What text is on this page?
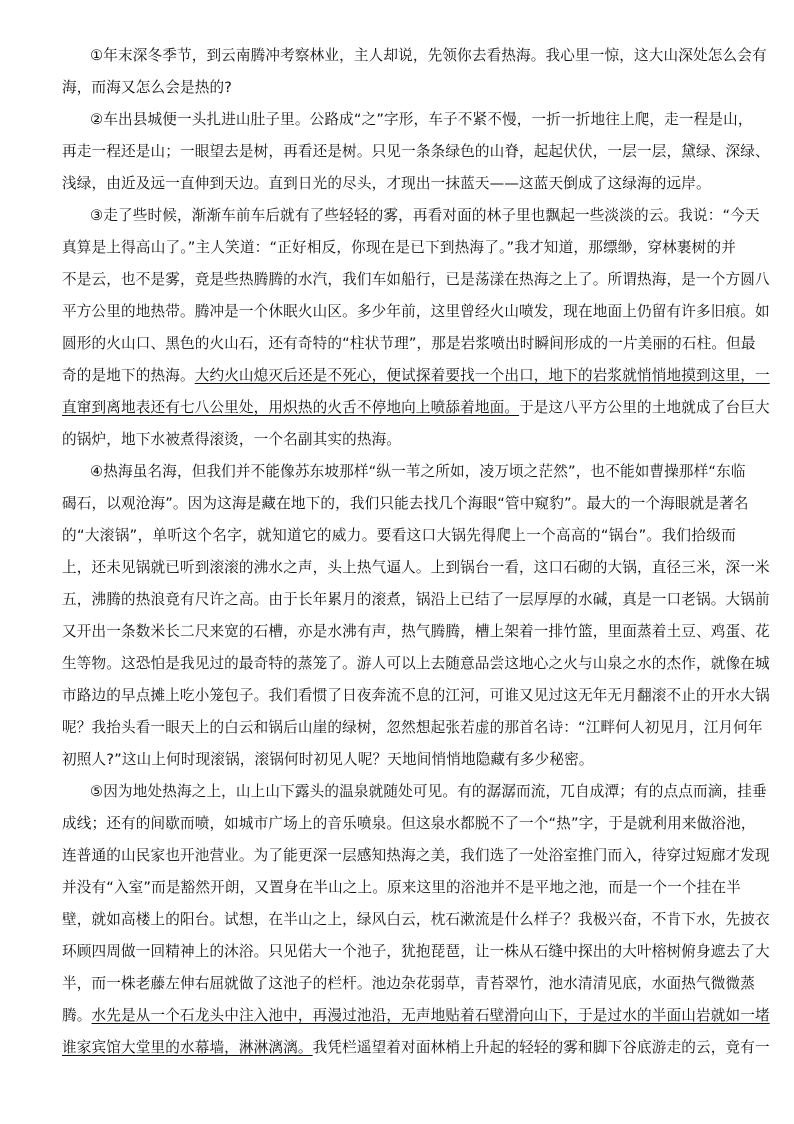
①年末深冬季节，到云南腾冲考察林业，主人却说，先领你去看热海。我心里一惊，这大山深处怎么会有
海，而海又怎么会是热的?
②车出县城便一头扎进山肚子里。公路成“之”字形，车子不紧不慢，一折一折地往上爬，走一程是山，
再走一程还是山；一眼望去是树，再看还是树。只见一条条绿色的山脊，起起伏伏，一层一层，黛绿、深绿、
浅绿，由近及远一直伸到天边。直到日光的尽头，才现出一抹蓝天——这蓝天倒成了这绿海的远岸。
③走了些时候，渐渐车前车后就有了些轻轻的雾，再看对面的林子里也飘起一些淡淡的云。我说：“今天
真算是上得高山了。”主人笑道：“正好相反，你现在是已下到热海了。”我才知道，那缥缈，穿林裹树的并
不是云，也不是雾，竟是些热腾腾的水汽，我们车如船行，已是荡漾在热海之上了。所谓热海，是一个方圆八
平方公里的地热带。腾冲是一个休眠火山区。多少年前，这里曾经火山喷发，现在地面上仍留有许多旧痕。如
圆形的火山口、黑色的火山石，还有奇特的“柱状节理”，那是岩浆喷出时瞬间形成的一片美丽的石柱。但最
奇的是地下的热海。大约火山熄灭后还是不死心，便试探着要找一个出口，地下的岩浆就悄悄地摸到这里，一
直窜到离地表还有七八公里处，用炽热的火舌不停地向上喷舔着地面。于是这八平方公里的土地就成了台巨大
的锅炉，地下水被煮得滚烫，一个名副其实的热海。
④热海虽名海，但我们并不能像苏东坡那样“纵一苇之所如，凌万顷之茫然”，也不能如曹操那样“东临
碣石，以观沧海”。因为这海是藏在地下的，我们只能去找几个海眼“管中窥豹”。最大的一个海眼就是著名
的“大滚锅”，单听这个名字，就知道它的威力。要看这口大锅先得爬上一个高高的“锅台”。我们拾级而
上，还未见锅就已听到滚滚的沸水之声，头上热气逼人。上到锅台一看，这口石砌的大锅，直径三米，深一米
五，沸腾的热浪竟有尺许之高。由于长年累月的滚煮，锅沿上已结了一层厚厚的水碱，真是一口老锅。大锅前
又开出一条数米长二尺来宽的石槽，亦是水沸有声，热气腾腾，槽上架着一排竹篮，里面蒸着土豆、鸡蛋、花
生等物。这恐怕是我见过的最奇特的蒸笼了。游人可以上去随意品尝这地心之火与山泉之水的杰作，就像在城
市路边的早点摊上吃小笼包子。我们看惯了日夜奔流不息的江河，可谁又见过这无年无月翻滚不止的开水大锅
呢？我抬头看一眼天上的白云和锅后山崖的绿树，忽然想起张若虚的那首名诗：“江畔何人初见月，江月何年
初照人?”这山上何时现滚锅，滚锅何时初见人呢？天地间悄悄地隐藏有多少秘密。
⑤因为地处热海之上，山上山下露头的温泉就随处可见。有的潺潺而流，兀自成潭；有的点点而滴，挂垂
成线；还有的间歇而喷，如城市广场上的音乐喷泉。但这泉水都脱不了一个“热”字，于是就利用来做浴池，
连普通的山民家也开池营业。为了能更深一层感知热海之美，我们选了一处浴室推门而入，待穿过短廊才发现
并没有“入室”而是豁然开朗，又置身在半山之上。原来这里的浴池并不是平地之池，而是一个一个挂在半
壁，就如高楼上的阳台。试想，在半山之上，绿风白云，枕石漱流是什么样子？我极兴奋，不肯下水，先披衣
环顾四周做一回精神上的沐浴。只见偌大一个池子，犹抱琵琶，让一株从石缝中探出的大叶榕树俯身遮去了大
半，而一株老藤左伸右屈就做了这池子的栏杆。池边杂花弱草，青苔翠竹，池水清清见底，水面热气微微蒸
腾。水先是从一个石龙头中注入池中，再漫过池沿，无声地贴着石壁滑向山下，于是过水的半面山岩就如一堵
谁家宾馆大堂里的水幕墙，淋淋漓漓。我凭栏遥望着对面林梢上升起的轻轻的雾和脚下谷底游走的云，竟有一
